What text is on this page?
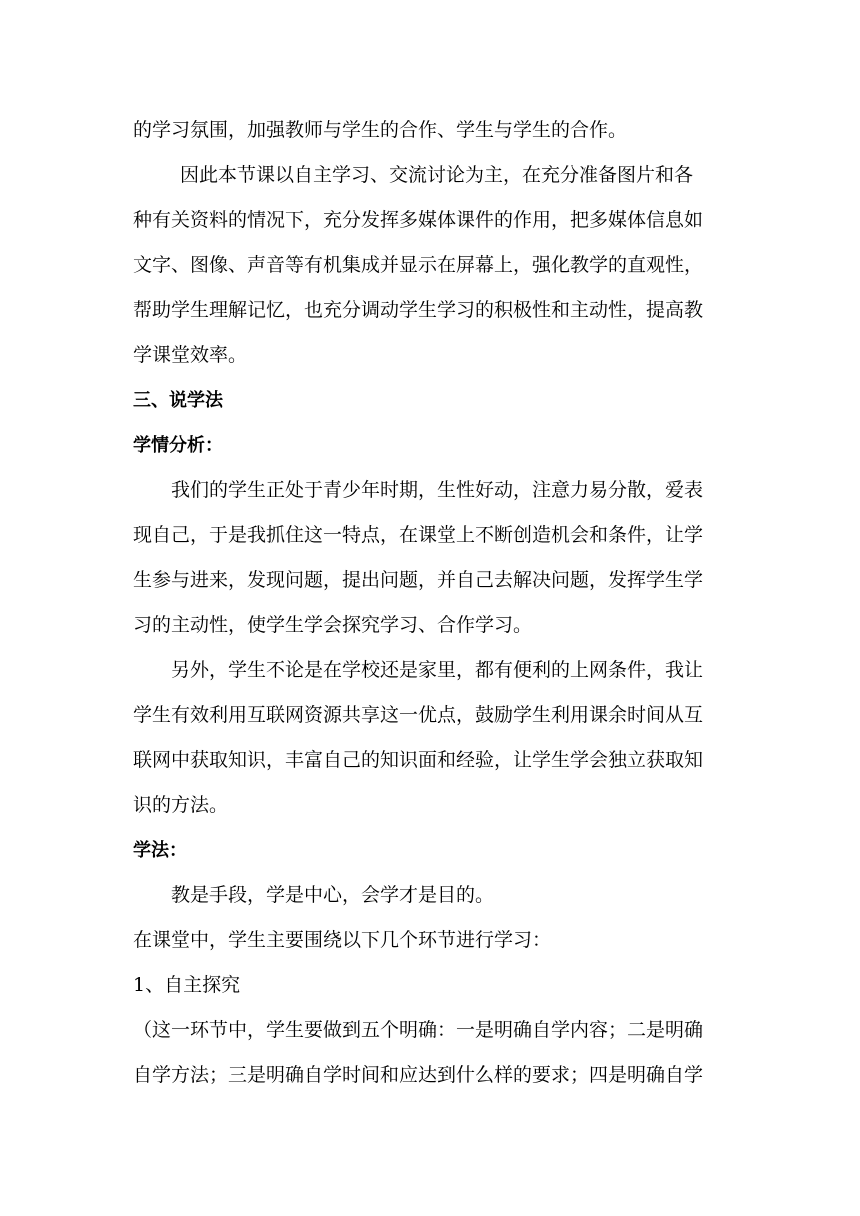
的学习氛围，加强教师与学生的合作、学生与学生的合作。
因此本节课以自主学习、交流讨论为主，在充分准备图片和各
种有关资料的情况下，充分发挥多媒体课件的作用，把多媒体信息如
文字、图像、声音等有机集成并显示在屏幕上，强化教学的直观性，
帮助学生理解记忆，也充分调动学生学习的积极性和主动性，提高教
学课堂效率。
三、说学法
学情分析：
我们的学生正处于青少年时期，生性好动，注意力易分散，爱表
现自己，于是我抓住这一特点，在课堂上不断创造机会和条件，让学
生参与进来，发现问题，提出问题，并自己去解决问题，发挥学生学
习的主动性，使学生学会探究学习、合作学习。
另外，学生不论是在学校还是家里，都有便利的上网条件，我让
学生有效利用互联网资源共享这一优点，鼓励学生利用课余时间从互
联网中获取知识，丰富自己的知识面和经验，让学生学会独立获取知
识的方法。
学法：
教是手段，学是中心，会学才是目的。
在课堂中，学生主要围绕以下几个环节进行学习：
1、自主探究
（这一环节中，学生要做到五个明确：一是明确自学内容；二是明确
自学方法；三是明确自学时间和应达到什么样的要求；四是明确自学
